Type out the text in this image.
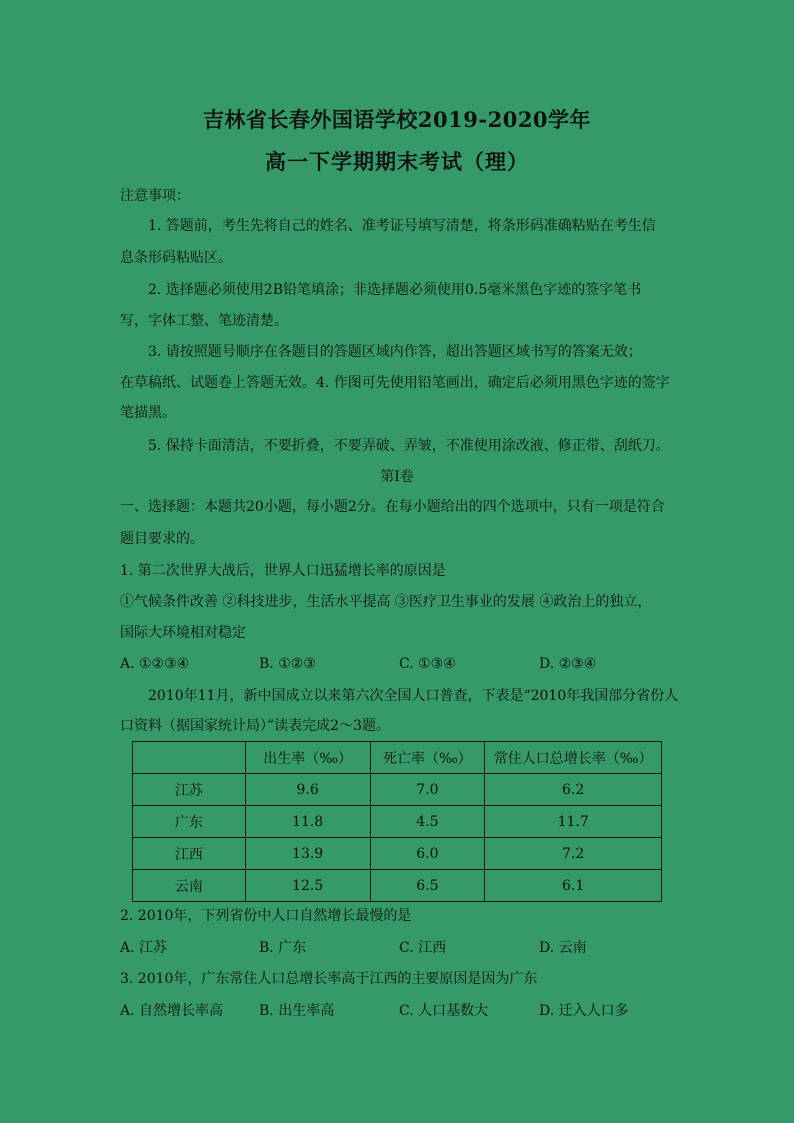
吉林省长春外国语学校2019-2020学年
高一下学期期末考试（理）
注意事项：
1. 答题前，考生先将自己的姓名、准考证号填写清楚，将条形码准确粘贴在考生信
息条形码粘贴区。
2. 选择题必须使用2B铅笔填涂；非选择题必须使用0.5毫米黑色字迹的签字笔书
写，字体工整、笔迹清楚。
3. 请按照题号顺序在各题目的答题区域内作答，超出答题区域书写的答案无效；
在草稿纸、试题卷上答题无效。4. 作图可先使用铅笔画出，确定后必须用黑色字迹的签字
笔描黑。
5. 保持卡面清洁，不要折叠，不要弄破、弄皱，不准使用涂改液、修正带、刮纸刀。
第Ⅰ卷
一、选择题：本题共20小题，每小题2分。在每小题给出的四个选项中，只有一项是符合
题目要求的。
1. 第二次世界大战后，世界人口迅猛增长率的原因是
①气候条件改善 ②科技进步，生活水平提高 ③医疗卫生事业的发展 ④政治上的独立，
国际大环境相对稳定
A. ①②③④	B. ①②③	C. ①③④	D. ②③④
2010年11月，新中国成立以来第六次全国人口普查，下表是“2010年我国部分省份人
口资料（据国家统计局）”读表完成2～3题。
	出生率（‰）	死亡率（‰）	常住人口总增长率（‰）
江苏	9.6	7.0	6.2
广东	11.8	4.5	11.7
江西	13.9	6.0	7.2
云南	12.5	6.5	6.1
2. 2010年，下列省份中人口自然增长最慢的是
A. 江苏	B. 广东	C. 江西	D. 云南
3. 2010年，广东常住人口总增长率高于江西的主要原因是因为广东
A. 自然增长率高	B. 出生率高	C. 人口基数大	D. 迁入人口多
